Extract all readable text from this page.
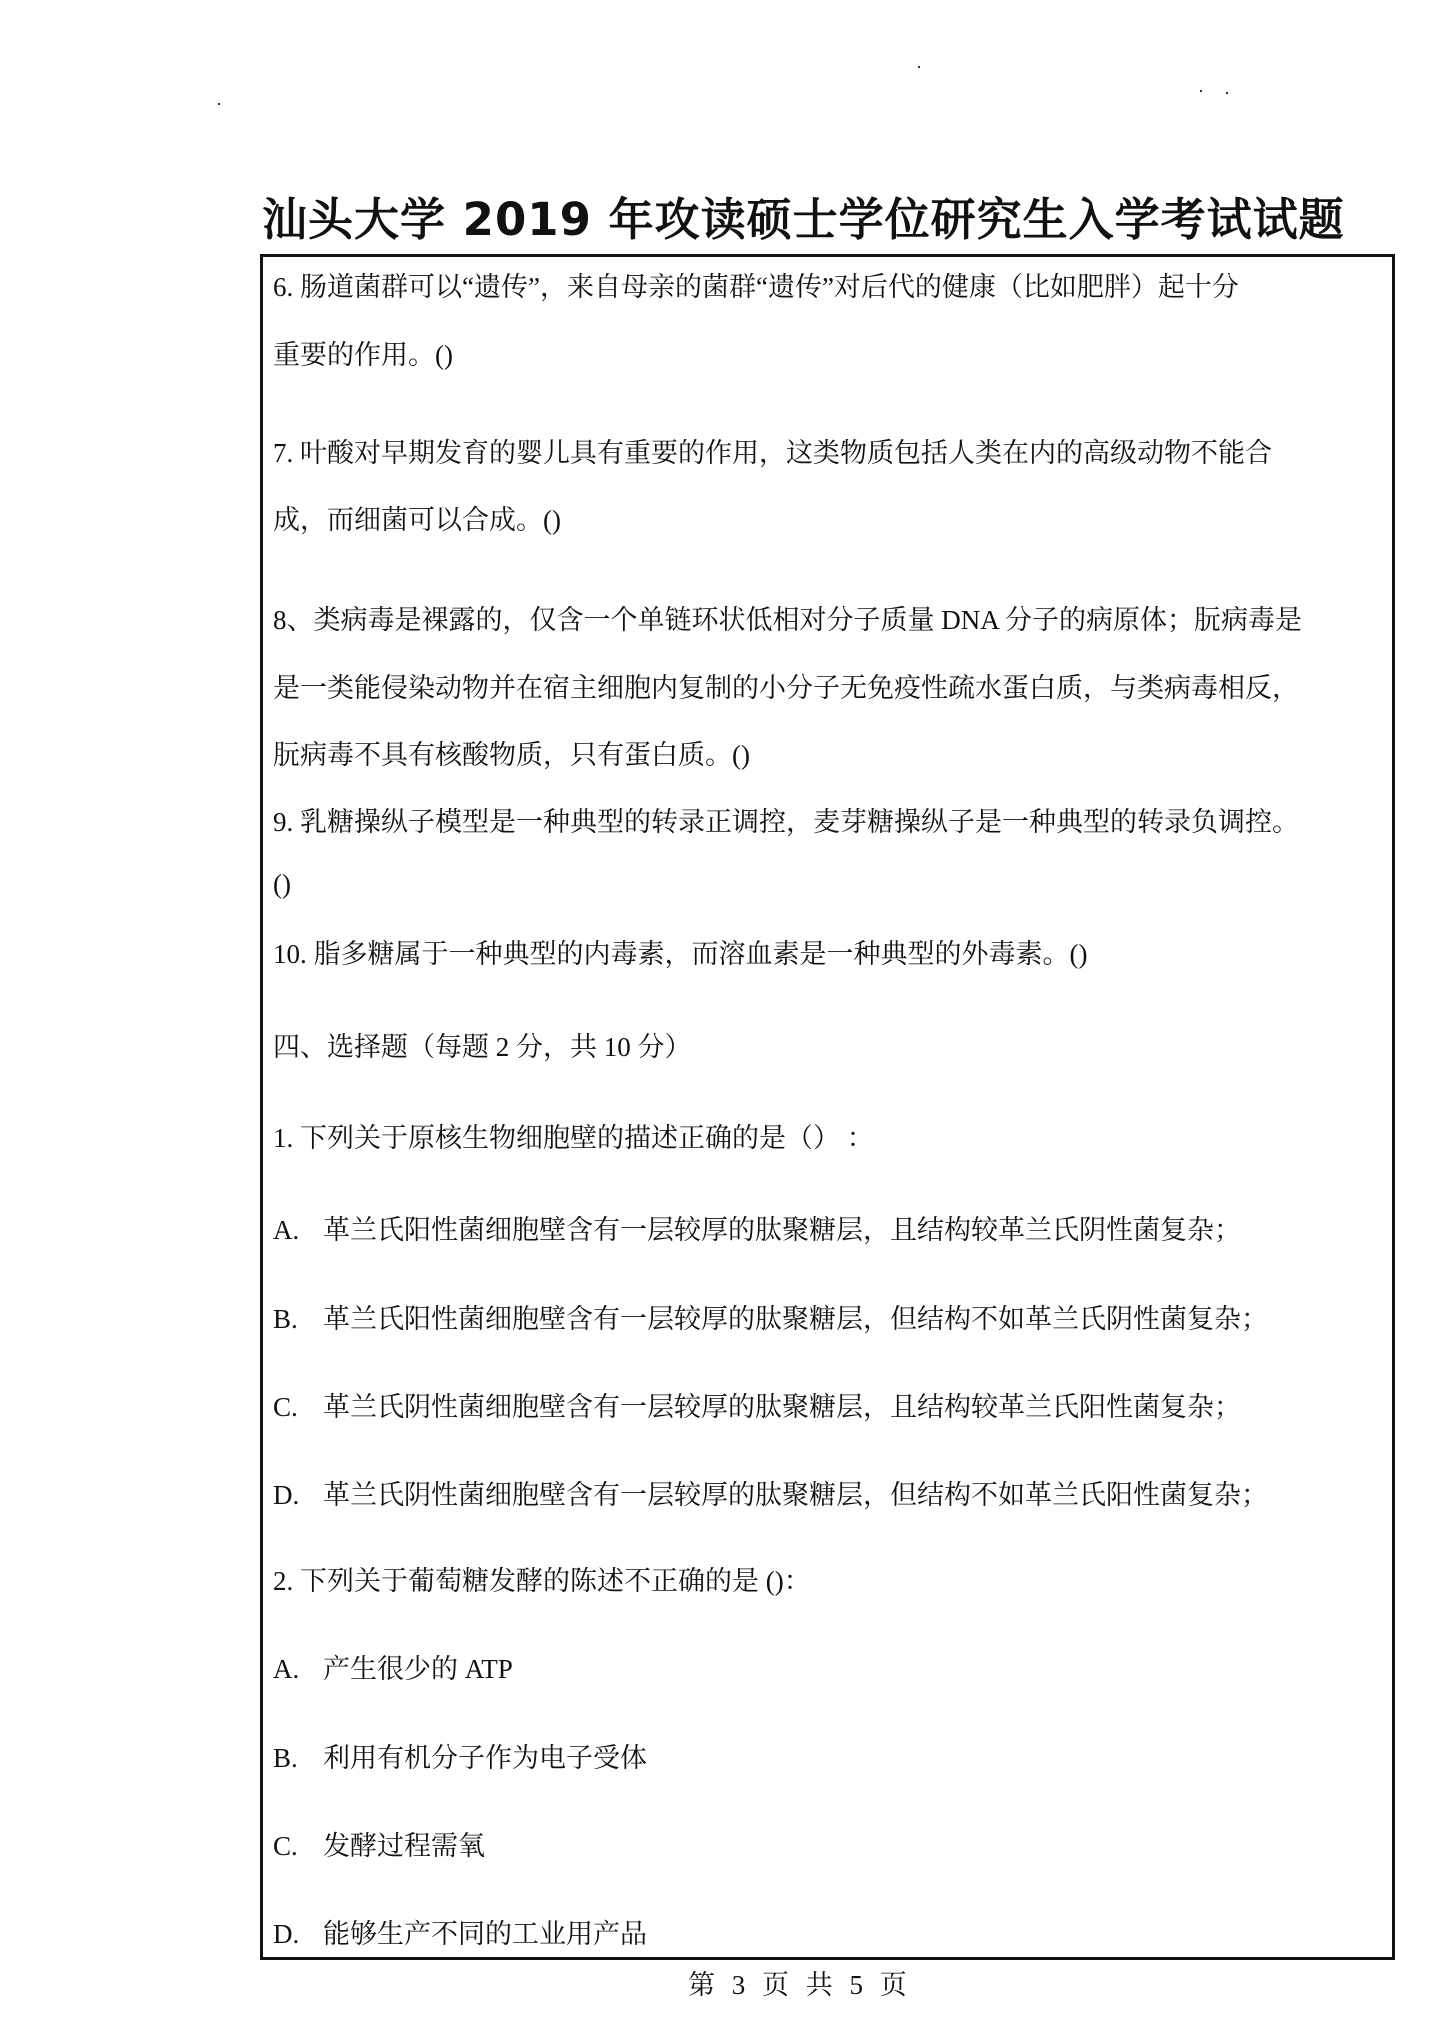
汕头大学 2019 年攻读硕士学位研究生入学考试试题
6. 肠道菌群可以“遗传”，来自母亲的菌群“遗传”对后代的健康（比如肥胖）起十分
重要的作用。()
7. 叶酸对早期发育的婴儿具有重要的作用，这类物质包括人类在内的高级动物不能合
成，而细菌可以合成。()
8、类病毒是裸露的，仅含一个单链环状低相对分子质量 DNA 分子的病原体；朊病毒是
是一类能侵染动物并在宿主细胞内复制的小分子无免疫性疏水蛋白质，与类病毒相反，
朊病毒不具有核酸物质，只有蛋白质。()
9. 乳糖操纵子模型是一种典型的转录正调控，麦芽糖操纵子是一种典型的转录负调控。
()
10. 脂多糖属于一种典型的内毒素，而溶血素是一种典型的外毒素。()
四、选择题（每题 2 分，共 10 分）
1. 下列关于原核生物细胞壁的描述正确的是（） ：
A. 革兰氏阳性菌细胞壁含有一层较厚的肽聚糖层，且结构较革兰氏阴性菌复杂；
B. 革兰氏阳性菌细胞壁含有一层较厚的肽聚糖层，但结构不如革兰氏阴性菌复杂；
C. 革兰氏阴性菌细胞壁含有一层较厚的肽聚糖层，且结构较革兰氏阳性菌复杂；
D. 革兰氏阴性菌细胞壁含有一层较厚的肽聚糖层，但结构不如革兰氏阳性菌复杂；
2. 下列关于葡萄糖发酵的陈述不正确的是 ()：
A. 产生很少的 ATP
B. 利用有机分子作为电子受体
C. 发酵过程需氧
D. 能够生产不同的工业用产品
第 3 页 共 5 页
